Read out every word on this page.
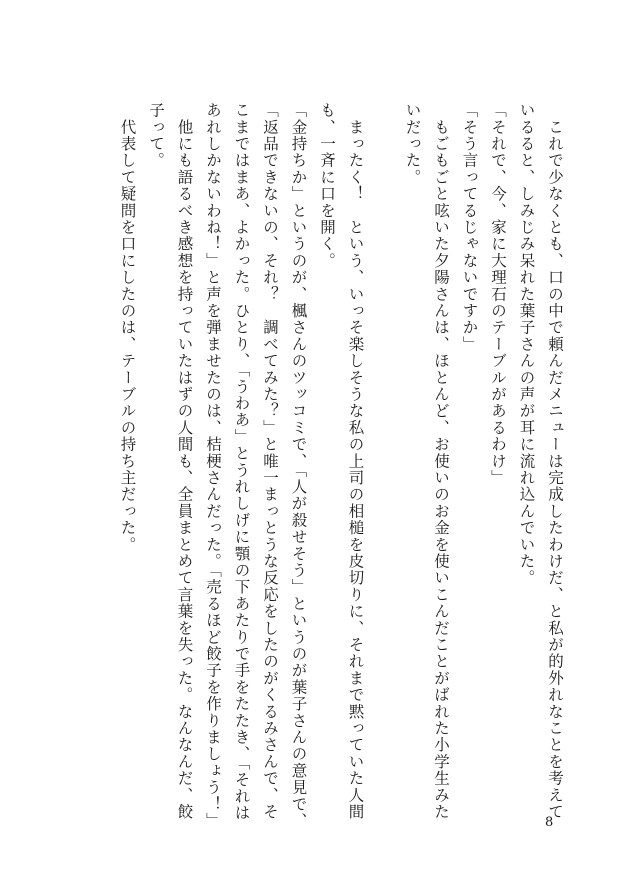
　これで少なくとも、口の中で頼んだメニューは完成したわけだ、と私が的外れなことを考えているると、しみじみ呆れた葉子さんの声が耳に流れ込んでいた。

「それで、今、家に大理石のテーブルがあるわけ」

「そう言ってるじゃないですか」

　もごもごと呟いた夕陽さんは、ほとんど、お使いのお金を使いこんだことがばれた小学生みたいだった。

　まったく！　という、いっそ楽しそうな私の上司の相槌を皮切りに、それまで黙っていた人間も、一斉に口を開く。

「金持ちか」というのが、楓さんのツッコミで、「人が殺せそう」というのが葉子さんの意見で、「返品できないの、それ？　調べてみた？」と唯一まっとうな反応をしたのがくるみさんで、そこまではまあ、よかった。ひとり、「うわあ」とうれしげに顎の下あたりで手をたたき、「それはあれしかないわね！」と声を弾ませたのは、桔梗さんだった。「売るほど餃子を作りましょう！」

　他にも語るべき感想を持っていたはずの人間も、全員まとめて言葉を失った。なんなんだ、餃子って。

　代表して疑問を口にしたのは、テーブルの持ち主だった。

8
